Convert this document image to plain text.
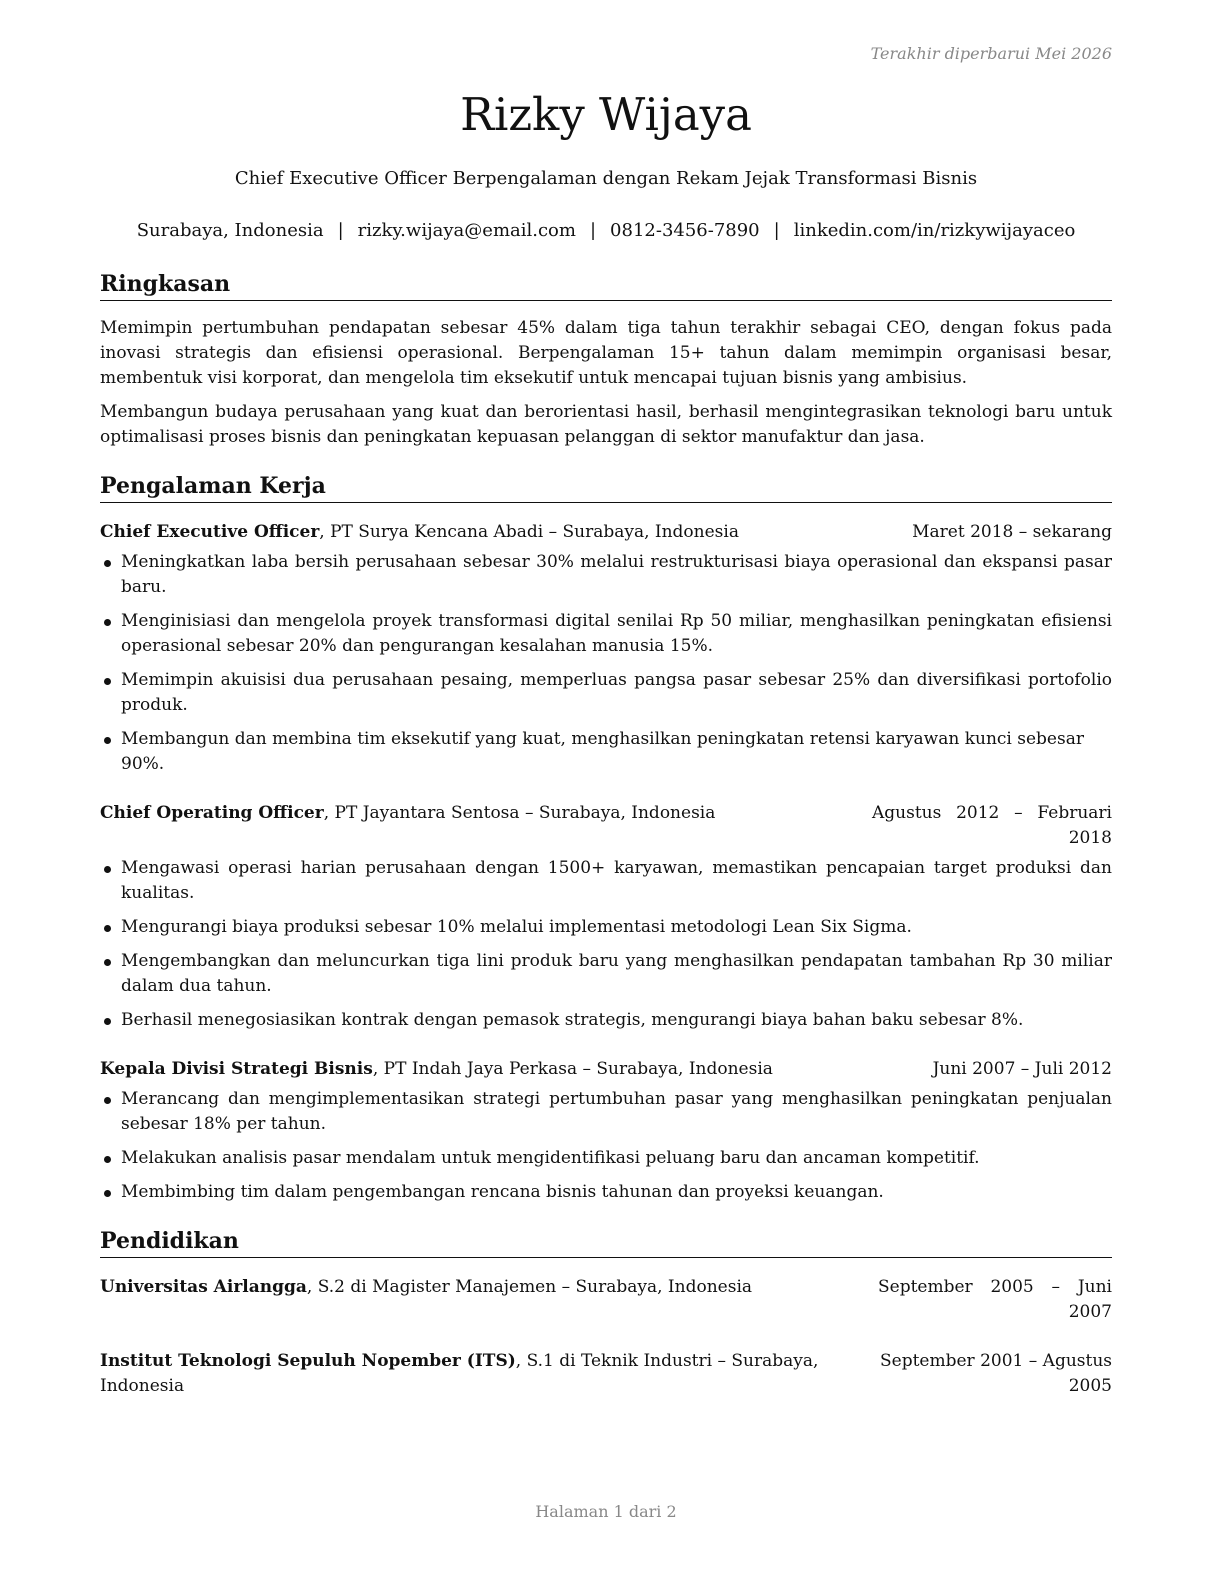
Terakhir diperbarui Mei 2026
Rizky Wijaya
Chief Executive Officer Berpengalaman dengan Rekam Jejak Transformasi Bisnis
Surabaya, Indonesia | rizky.wijaya@email.com | 0812-3456-7890 | linkedin.com/in/rizkywijayaceo
Ringkasan

Memimpin pertumbuhan pendapatan sebesar 45% dalam tiga tahun terakhir sebagai CEO, dengan fokus pada inovasi strategis dan efisiensi operasional. Berpengalaman 15+ tahun dalam memimpin organisasi besar, membentuk visi korporat, dan mengelola tim eksekutif untuk mencapai tujuan bisnis yang ambisius.

Membangun budaya perusahaan yang kuat dan berorientasi hasil, berhasil mengintegrasikan teknologi baru untuk optimalisasi proses bisnis dan peningkatan kepuasan pelanggan di sektor manufaktur dan jasa.

Pengalaman Kerja
Chief Executive Officer, PT Surya Kencana Abadi – Surabaya, Indonesia	Maret 2018 – sekarang
Meningkatkan laba bersih perusahaan sebesar 30% melalui restrukturisasi biaya operasional dan ekspansi pasar baru.
Menginisiasi dan mengelola proyek transformasi digital senilai Rp 50 miliar, menghasilkan peningkatan efisiensi operasional sebesar 20% dan pengurangan kesalahan manusia 15%.
Memimpin akuisisi dua perusahaan pesaing, memperluas pangsa pasar sebesar 25% dan diversifikasi portofolio produk.
Membangun dan membina tim eksekutif yang kuat, menghasilkan peningkatan retensi karyawan kunci sebesar 90%.
Chief Operating Officer, PT Jayantara Sentosa – Surabaya, Indonesia	Agustus 2012 – Februari 2018
Mengawasi operasi harian perusahaan dengan 1500+ karyawan, memastikan pencapaian target produksi dan kualitas.
Mengurangi biaya produksi sebesar 10% melalui implementasi metodologi Lean Six Sigma.
Mengembangkan dan meluncurkan tiga lini produk baru yang menghasilkan pendapatan tambahan Rp 30 miliar dalam dua tahun.
Berhasil menegosiasikan kontrak dengan pemasok strategis, mengurangi biaya bahan baku sebesar 8%.
Kepala Divisi Strategi Bisnis, PT Indah Jaya Perkasa – Surabaya, Indonesia	Juni 2007 – Juli 2012
Merancang dan mengimplementasikan strategi pertumbuhan pasar yang menghasilkan peningkatan penjualan sebesar 18% per tahun.
Melakukan analisis pasar mendalam untuk mengidentifikasi peluang baru dan ancaman kompetitif.
Membimbing tim dalam pengembangan rencana bisnis tahunan dan proyeksi keuangan.
Pendidikan
Universitas Airlangga, S.2 di Magister Manajemen – Surabaya, Indonesia	September 2005 – Juni 2007
Institut Teknologi Sepuluh Nopember (ITS), S.1 di Teknik Industri – Surabaya, Indonesia
September 2001 – Agustus 2005
Halaman 1 dari 2
